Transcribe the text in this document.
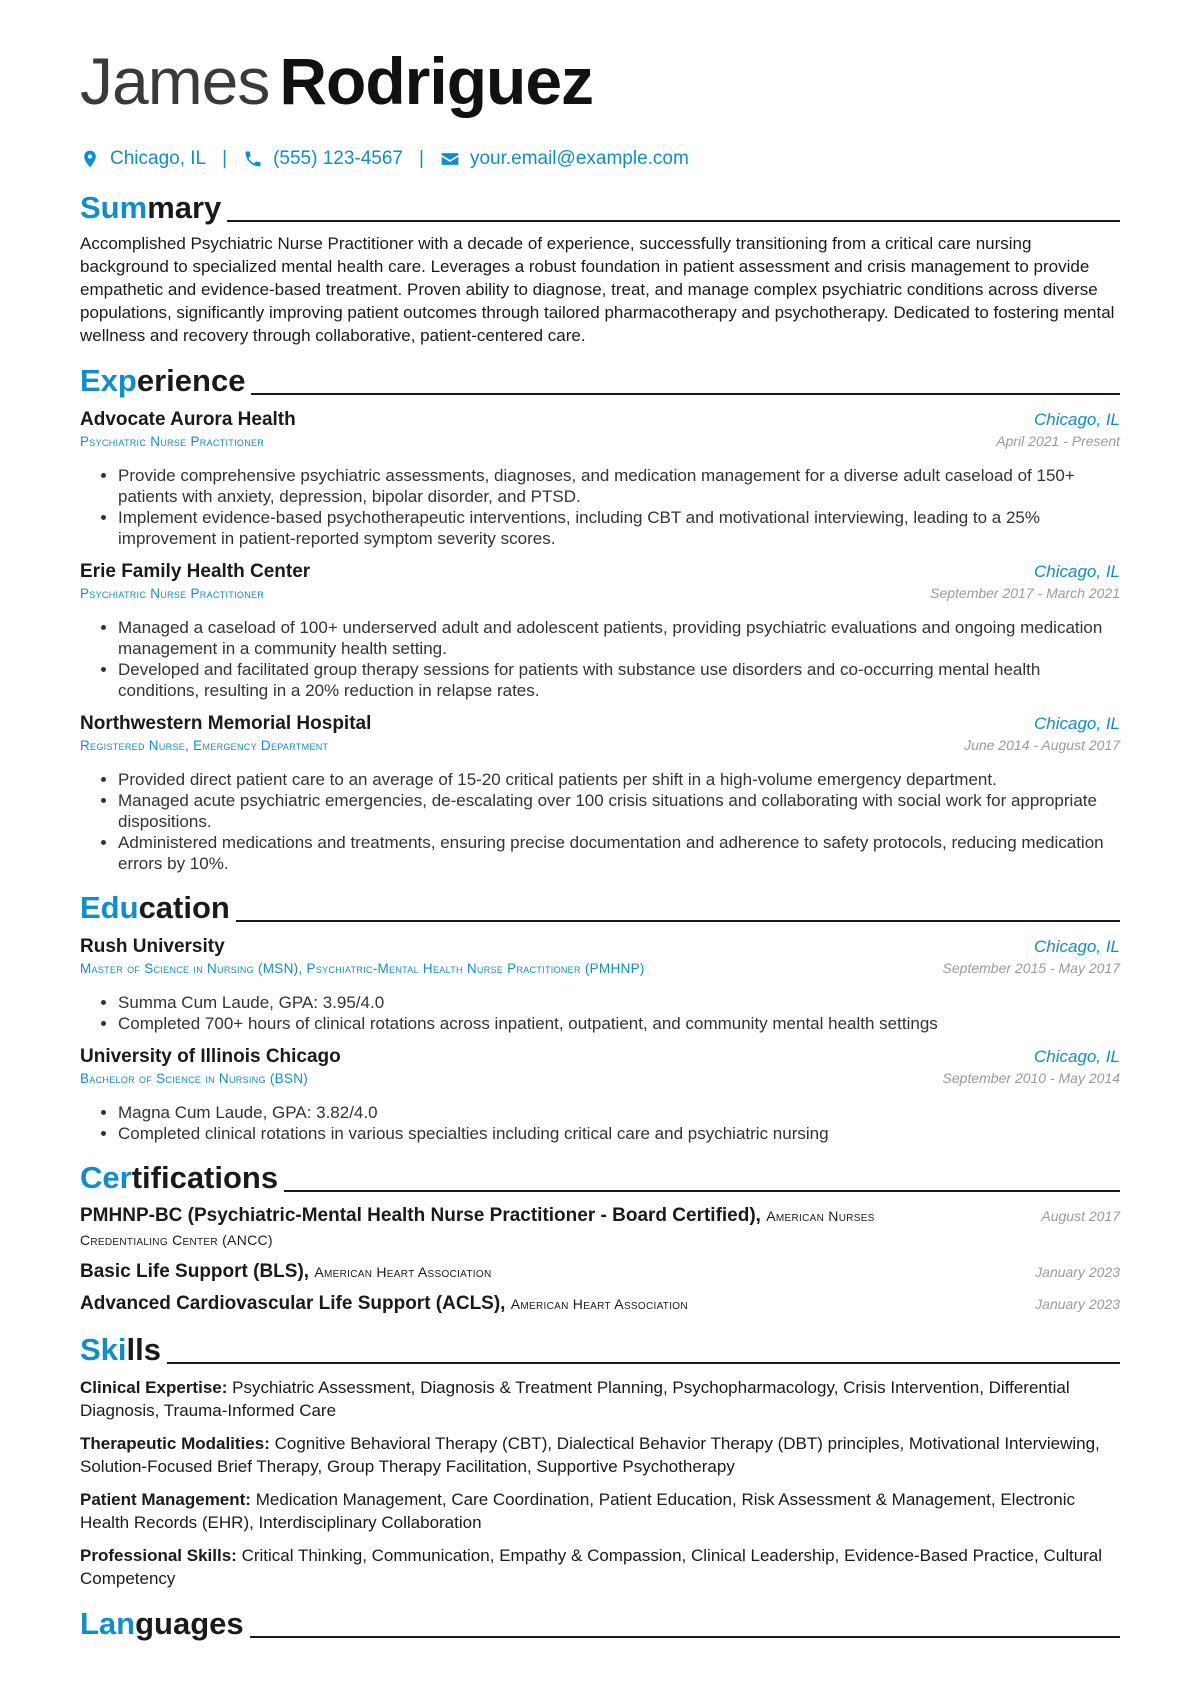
James Rodriguez
Chicago, IL | (555) 123-4567 | your.email@example.com
Summary
Accomplished Psychiatric Nurse Practitioner with a decade of experience, successfully transitioning from a critical care nursing background to specialized mental health care. Leverages a robust foundation in patient assessment and crisis management to provide empathetic and evidence-based treatment. Proven ability to diagnose, treat, and manage complex psychiatric conditions across diverse populations, significantly improving patient outcomes through tailored pharmacotherapy and psychotherapy. Dedicated to fostering mental wellness and recovery through collaborative, patient-centered care.
Experience
Advocate Aurora Health	Chicago, IL
Psychiatric Nurse Practitioner	April 2021 - Present
• Provide comprehensive psychiatric assessments, diagnoses, and medication management for a diverse adult caseload of 150+ patients with anxiety, depression, bipolar disorder, and PTSD.
• Implement evidence-based psychotherapeutic interventions, including CBT and motivational interviewing, leading to a 25% improvement in patient-reported symptom severity scores.
Erie Family Health Center	Chicago, IL
Psychiatric Nurse Practitioner	September 2017 - March 2021
• Managed a caseload of 100+ underserved adult and adolescent patients, providing psychiatric evaluations and ongoing medication management in a community health setting.
• Developed and facilitated group therapy sessions for patients with substance use disorders and co-occurring mental health conditions, resulting in a 20% reduction in relapse rates.
Northwestern Memorial Hospital	Chicago, IL
Registered Nurse, Emergency Department	June 2014 - August 2017
• Provided direct patient care to an average of 15-20 critical patients per shift in a high-volume emergency department.
• Managed acute psychiatric emergencies, de-escalating over 100 crisis situations and collaborating with social work for appropriate dispositions.
• Administered medications and treatments, ensuring precise documentation and adherence to safety protocols, reducing medication errors by 10%.
Education
Rush University	Chicago, IL
Master of Science in Nursing (MSN), Psychiatric-Mental Health Nurse Practitioner (PMHNP)	September 2015 - May 2017
• Summa Cum Laude, GPA: 3.95/4.0
• Completed 700+ hours of clinical rotations across inpatient, outpatient, and community mental health settings
University of Illinois Chicago	Chicago, IL
Bachelor of Science in Nursing (BSN)	September 2010 - May 2014
• Magna Cum Laude, GPA: 3.82/4.0
• Completed clinical rotations in various specialties including critical care and psychiatric nursing
Certifications
PMHNP-BC (Psychiatric-Mental Health Nurse Practitioner - Board Certified), American Nurses Credentialing Center (ANCC)
August 2017
Basic Life Support (BLS), American Heart Association	January 2023
Advanced Cardiovascular Life Support (ACLS), American Heart Association	January 2023
Skills
Clinical Expertise: Psychiatric Assessment, Diagnosis & Treatment Planning, Psychopharmacology, Crisis Intervention, Differential Diagnosis, Trauma-Informed Care
Therapeutic Modalities: Cognitive Behavioral Therapy (CBT), Dialectical Behavior Therapy (DBT) principles, Motivational Interviewing, Solution-Focused Brief Therapy, Group Therapy Facilitation, Supportive Psychotherapy
Patient Management: Medication Management, Care Coordination, Patient Education, Risk Assessment & Management, Electronic Health Records (EHR), Interdisciplinary Collaboration
Professional Skills: Critical Thinking, Communication, Empathy & Compassion, Clinical Leadership, Evidence-Based Practice, Cultural Competency
Languages
